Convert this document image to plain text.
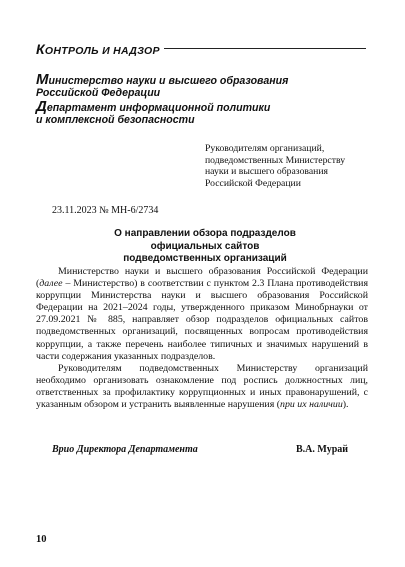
КОНТРОЛЬ И НАДЗОР
Министерство науки и высшего образования
Российской Федерации
Департамент информационной политики
и комплексной безопасности
Руководителям организаций,
подведомственных Министерству
науки и высшего образования
Российской Федерации
23.11.2023 № МН-6/2734
О направлении обзора подразделов
официальных сайтов
подведомственных организаций

Министерство науки и высшего образования Российской Федерации (далее – Министерство) в соответствии с пунктом 2.3 Плана противодействия коррупции Министерства науки и высшего образования Российской Федерации на 2021–2024 годы, утвержденного приказом Минобрнауки от 27.09.2021 № 885, направляет обзор подразделов официальных сайтов подведомственных организаций, посвященных вопросам противодействия коррупции, а также перечень наиболее типичных и значимых нарушений в части содержания указанных подразделов.

Руководителям подведомственных Министерству организаций необходимо организовать ознакомление под роспись должностных лиц, ответственных за профилактику коррупционных и иных правонарушений, с указанным обзором и устранить выявленные нарушения (при их наличии).

Врио Директора Департамента	В.А. Мурай
10
